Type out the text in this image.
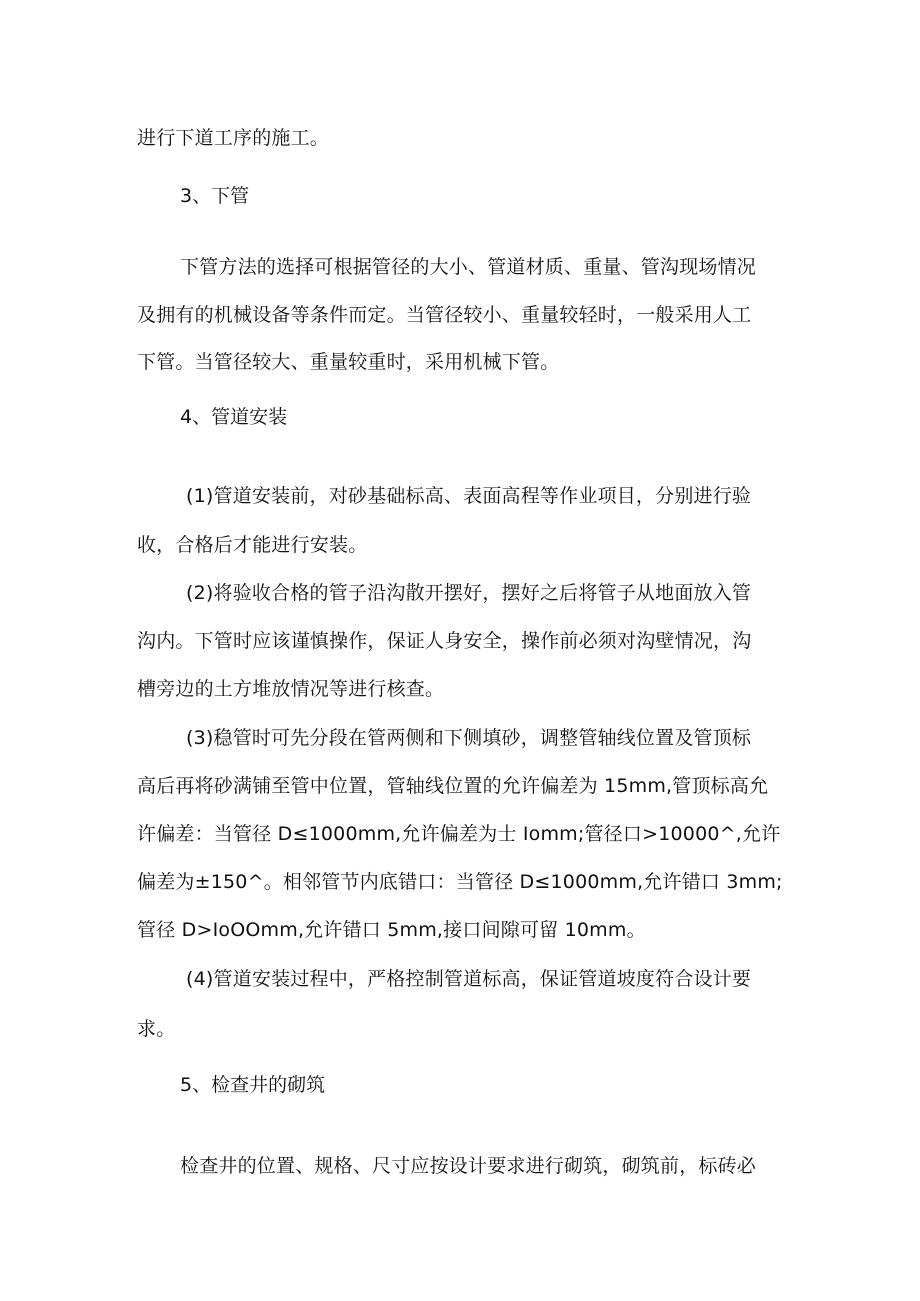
进行下道工序的施工。
3、下管
下管方法的选择可根据管径的大小、管道材质、重量、管沟现场情况
及拥有的机械设备等条件而定。当管径较小、重量较轻时，一般采用人工
下管。当管径较大、重量较重时，采用机械下管。
4、管道安装
(1)管道安装前，对砂基础标高、表面高程等作业项目，分别进行验
收，合格后才能进行安装。
(2)将验收合格的管子沿沟散开摆好，摆好之后将管子从地面放入管
沟内。下管时应该谨慎操作，保证人身安全，操作前必须对沟壁情况，沟
槽旁边的土方堆放情况等进行核查。
(3)稳管时可先分段在管两侧和下侧填砂，调整管轴线位置及管顶标
高后再将砂满铺至管中位置，管轴线位置的允许偏差为 15mm,管顶标高允
许偏差：当管径 D≤1000mm,允许偏差为士 Iomm;管径口>10000^,允许
偏差为±150^。相邻管节内底错口：当管径 D≤1000mm,允许错口 3mm;
管径 D>IoOOmm,允许错口 5mm,接口间隙可留 10mm。
(4)管道安装过程中，严格控制管道标高，保证管道坡度符合设计要
求。
5、检查井的砌筑
检查井的位置、规格、尺寸应按设计要求进行砌筑，砌筑前，标砖必
